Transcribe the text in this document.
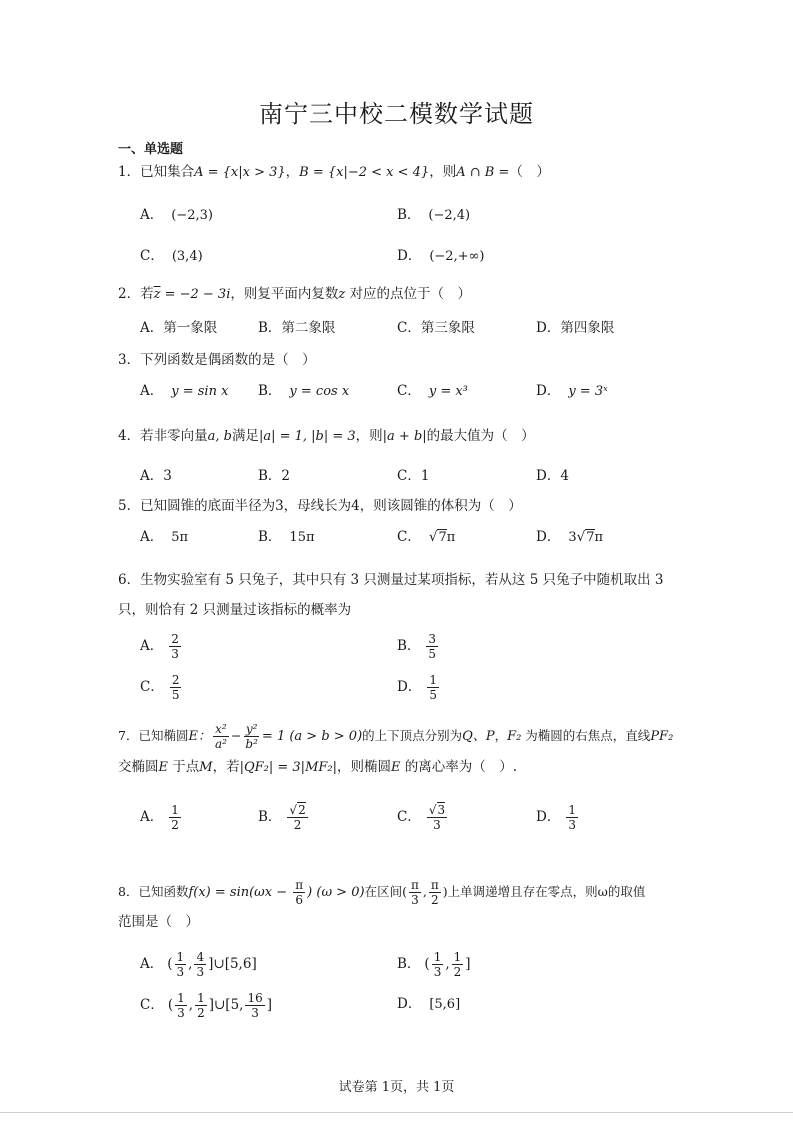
南宁三中校二模数学试题
一、单选题
1．已知集合A = {x|x > 3}，B = {x|−2 < x < 4}，则A ∩ B =（　）
A． (−2,3)	B． (−2,4)
C． (3,4)	D． (−2,+∞)
2．若$\overline{z} = -2 - 3i$，则复平面内复数z 对应的点位于（　）
A．第一象限	B．第二象限	C．第三象限	D．第四象限
3．下列函数是偶函数的是（　）
A． y = sin x B． y = cos x	C． y = x³	D． y = 3ˣ
4．若非零向量a, b满足|a| = 1, |b| = 3，则|a + b|的最大值为（　）
A．3	B．2	C．1	D．4
5．已知圆锥的底面半径为3，母线长为4，则该圆锥的体积为（　）
A． 5π	B． 15π	C． √7π	D． 3√7π
6．生物实验室有 5 只兔子，其中只有 3 只测量过某项指标，若从这 5 只兔子中随机取出 3
只，则恰有 2 只测量过该指标的概率为
A． $\frac{2}{3}$	B． $\frac{3}{5}$
C． $\frac{2}{5}$	D． $\frac{1}{5}$
7．已知椭圆E： $\frac{\text{x²}}{\text{a²}} - \frac{\text{y²}}{\text{b²}} = 1$ (a > b > 0)的上下顶点分别为Q、P，F₂ 为椭圆的右焦点，直线PF₂
交椭圆E 于点M，若|QF₂| = 3|MF₂|，则椭圆E 的离心率为（　）.
A． $\frac{1}{2}$	B． $\frac{√2}{2}$	C． $\frac{√3}{3}$	D． $\frac{1}{3}$
8．已知函数$f(x) = \sin(\omega x - \frac{\pi}{6}$ ) (ω > 0)在区间( $\frac{\pi}{3}$ , $\frac{\pi}{2}$ )上单调递增且存在零点，则ω的取值
范围是（　）
A． ( $\frac{1}{3}$ , $\frac{4}{3}$ ]∪[5,6]	B． ( $\frac{1}{3}$ , $\frac{1}{2}$ ]
C． ( $\frac{1}{3}$ , $\frac{1}{2}$ ]∪[5, $\frac{16}{3}$ ]	D． [5,6]
试卷第 1页，共 1页
